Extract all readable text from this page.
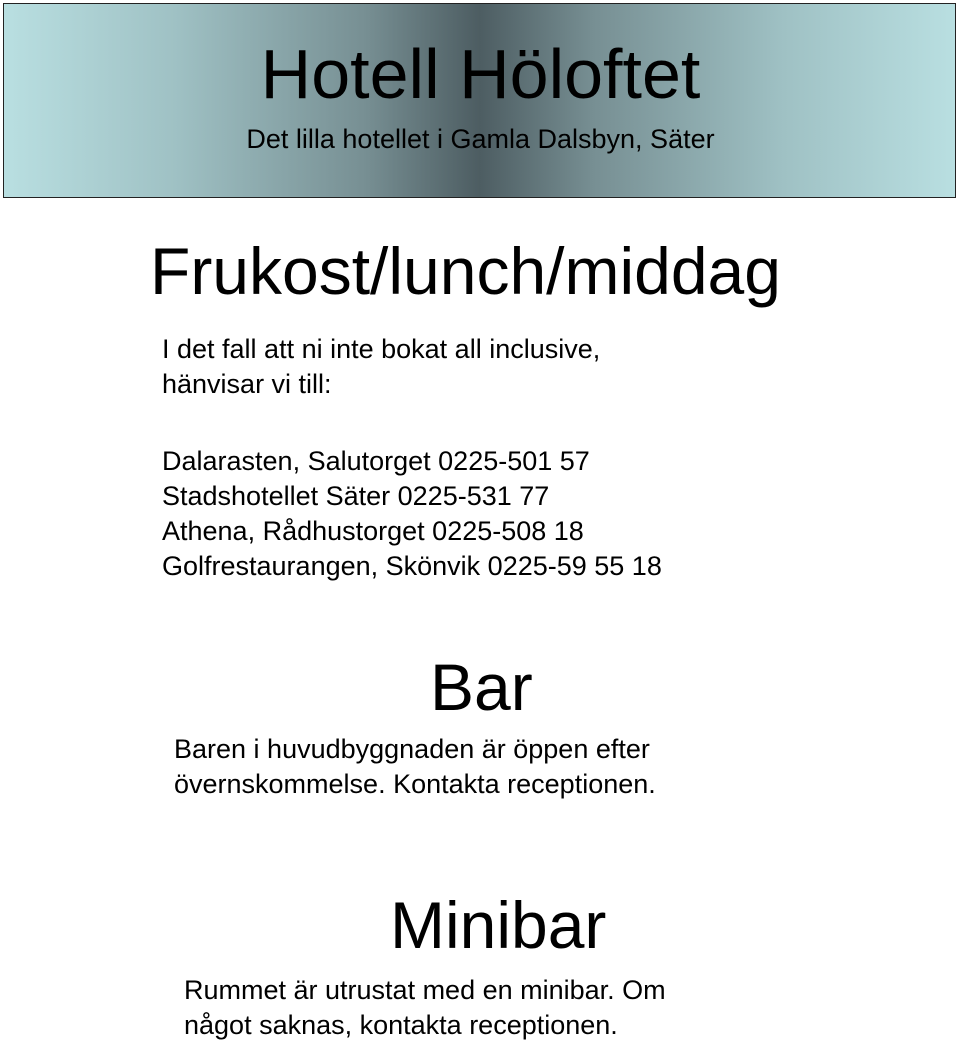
Hotell Höloftet

Det lilla hotellet i Gamla Dalsbyn, Säter

Frukost/lunch/middag

I det fall att ni inte bokat all inclusive,
hänvisar vi till:

Dalarasten, Salutorget 0225-501 57
Stadshotellet Säter 0225-531 77
Athena, Rådhustorget 0225-508 18
Golfrestaurangen, Skönvik 0225-59 55 18

Bar

Baren i huvudbyggnaden är öppen efter
övernskommelse. Kontakta receptionen.

Minibar

Rummet är utrustat med en minibar. Om
något saknas, kontakta receptionen.
